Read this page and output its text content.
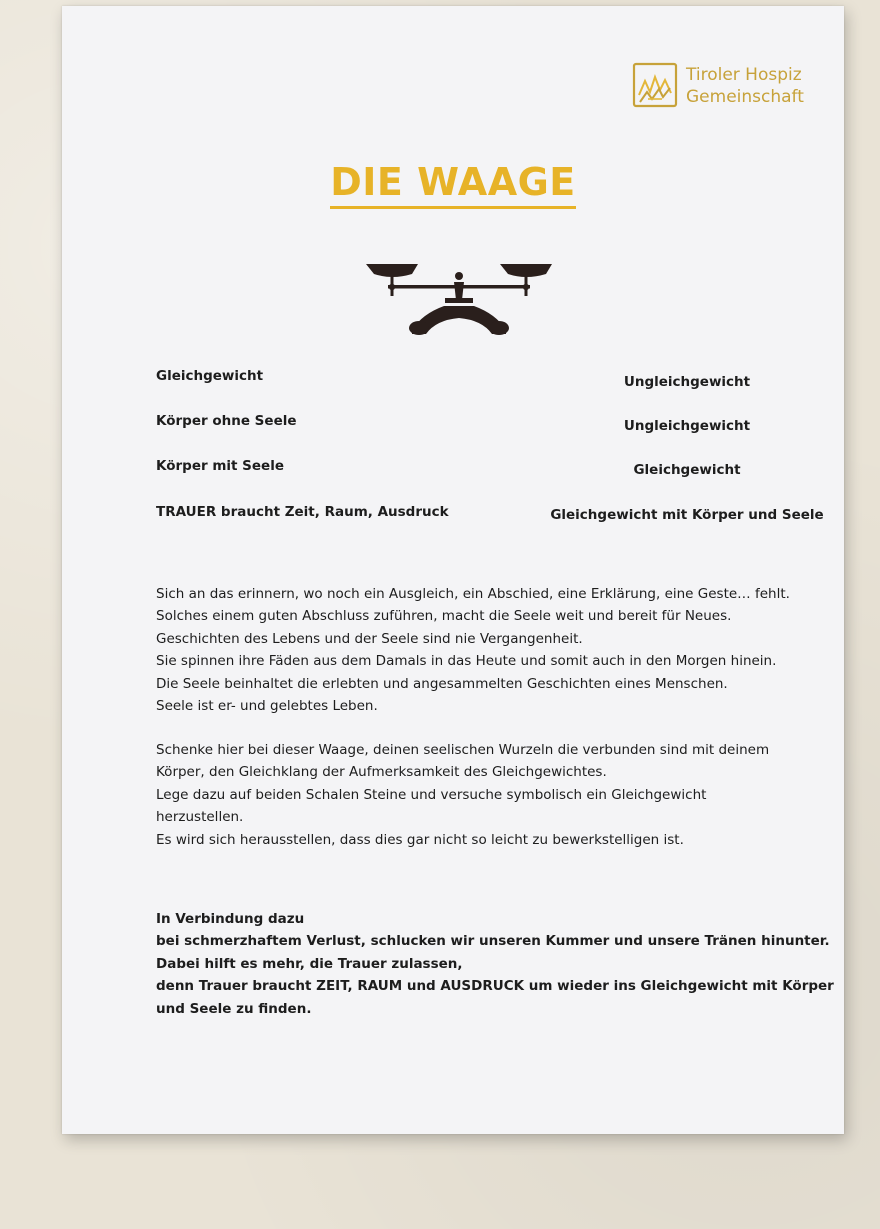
Tiroler Hospiz
Gemeinschaft
DIE WAAGE
Gleichgewicht	Ungleichgewicht
Körper ohne Seele	Ungleichgewicht
Körper mit Seele	Gleichgewicht
TRAUER braucht Zeit, Raum, Ausdruck	Gleichgewicht mit Körper und Seele

Sich an das erinnern, wo noch ein Ausgleich, ein Abschied, eine Erklärung, eine Geste… fehlt.

Solches einem guten Abschluss zuführen, macht die Seele weit und bereit für Neues.

Geschichten des Lebens und der Seele sind nie Vergangenheit.

Sie spinnen ihre Fäden aus dem Damals in das Heute und somit auch in den Morgen hinein.

Die Seele beinhaltet die erlebten und angesammelten Geschichten eines Menschen.

Seele ist er- und gelebtes Leben.

Schenke hier bei dieser Waage, deinen seelischen Wurzeln die verbunden sind mit deinem

Körper, den Gleichklang der Aufmerksamkeit des Gleichgewichtes.

Lege dazu auf beiden Schalen Steine und versuche symbolisch ein Gleichgewicht

herzustellen.

Es wird sich herausstellen, dass dies gar nicht so leicht zu bewerkstelligen ist.

In Verbindung dazu

bei schmerzhaftem Verlust, schlucken wir unseren Kummer und unsere Tränen hinunter.

Dabei hilft es mehr, die Trauer zulassen,

denn Trauer braucht ZEIT, RAUM und AUSDRUCK um wieder ins Gleichgewicht mit Körper

und Seele zu finden.
